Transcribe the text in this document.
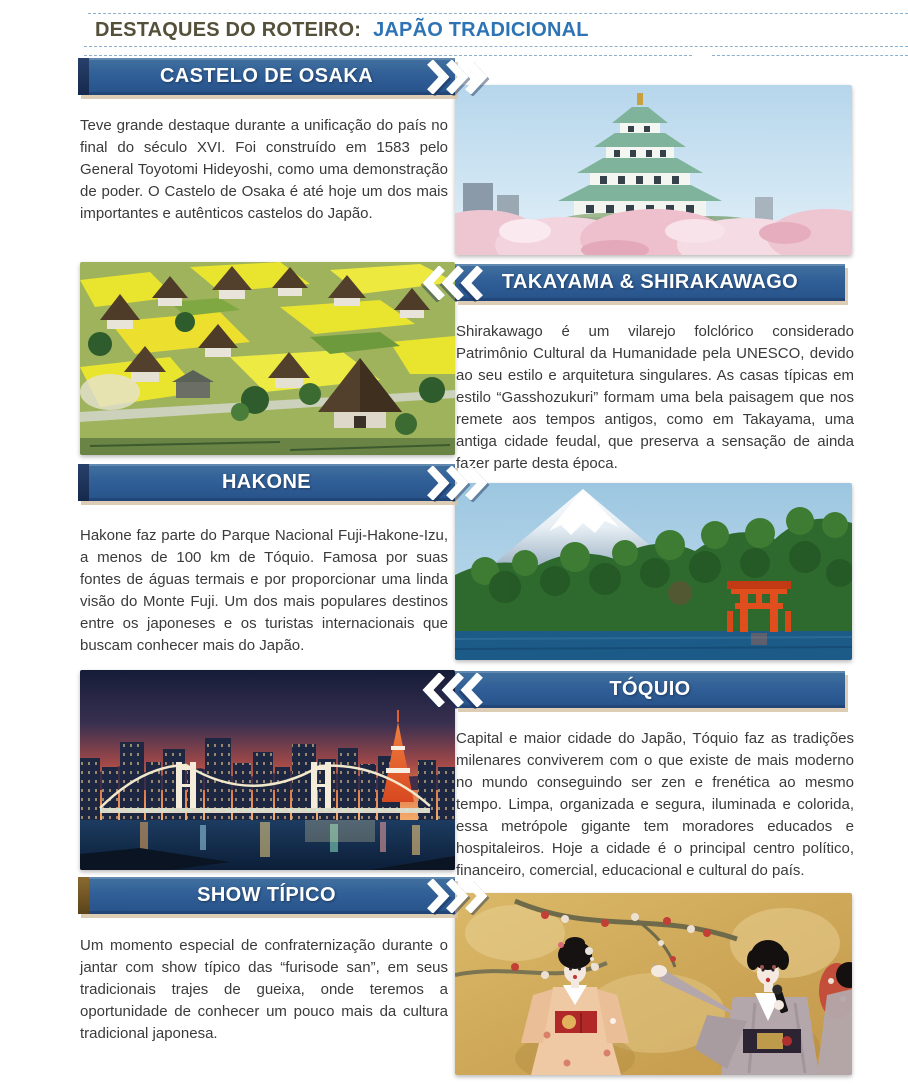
DESTAQUES DO ROTEIRO: JAPÃO TRADICIONAL
CASTELO DE OSAKA

Teve grande destaque durante a unificação do país no final do século XVI. Foi construído em 1583 pelo General Toyotomi Hideyoshi, como uma demonstração de poder. O Castelo de Osaka é até hoje um dos mais importantes e autênticos castelos do Japão.

TAKAYAMA & SHIRAKAWAGO

Shirakawago é um vilarejo folclórico considerado Patrimônio Cultural da Humanidade pela UNESCO, devido ao seu estilo e arquitetura singulares. As casas típicas em estilo “Gasshozukuri” formam uma bela paisagem que nos remete aos tempos antigos, como em Takayama, uma antiga cidade feudal, que preserva a sensação de ainda fazer parte desta época.

HAKONE

Hakone faz parte do Parque Nacional Fuji-Hakone-Izu, a menos de 100 km de Tóquio. Famosa por suas fontes de águas termais e por proporcionar uma linda visão do Monte Fuji. Um dos mais populares destinos entre os japoneses e os turistas internacionais que buscam conhecer mais do Japão.

TÓQUIO

Capital e maior cidade do Japão, Tóquio faz as tradições milenares conviverem com o que existe de mais moderno no mundo conseguindo ser zen e frenética ao mesmo tempo. Limpa, organizada e segura, iluminada e colorida, essa metrópole gigante tem moradores educados e hospitaleiros. Hoje a cidade é o principal centro político, financeiro, comercial, educacional e cultural do país.

SHOW TÍPICO

Um momento especial de confraternização durante o jantar com show típico das “furisode san”, em seus tradicionais trajes de gueixa, onde teremos a oportunidade de conhecer um pouco mais da cultura tradicional japonesa.
